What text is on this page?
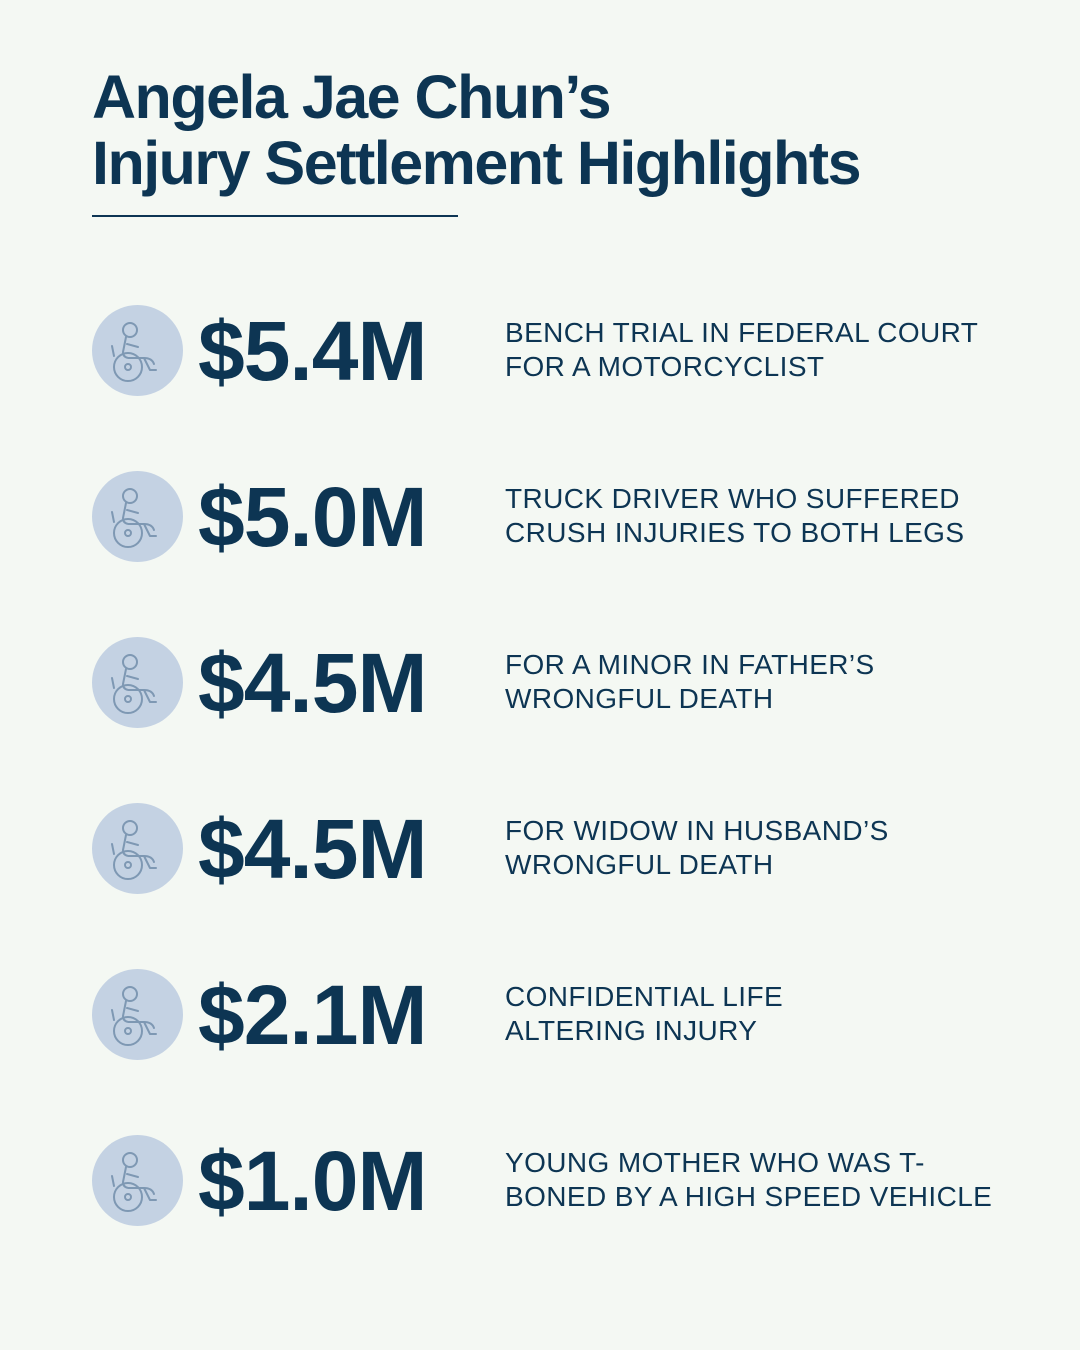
Angela Jae Chun’s
Injury Settlement Highlights
$5.4M	BENCH TRIAL IN FEDERAL COURT
FOR A MOTORCYCLIST
$5.0M	TRUCK DRIVER WHO SUFFERED
CRUSH INJURIES TO BOTH LEGS
$4.5M	FOR A MINOR IN FATHER’S
WRONGFUL DEATH
$4.5M	FOR WIDOW IN HUSBAND’S
WRONGFUL DEATH
$2.1M	CONFIDENTIAL LIFE
ALTERING INJURY
$1.0M	YOUNG MOTHER WHO WAS T-
BONED BY A HIGH SPEED VEHICLE
